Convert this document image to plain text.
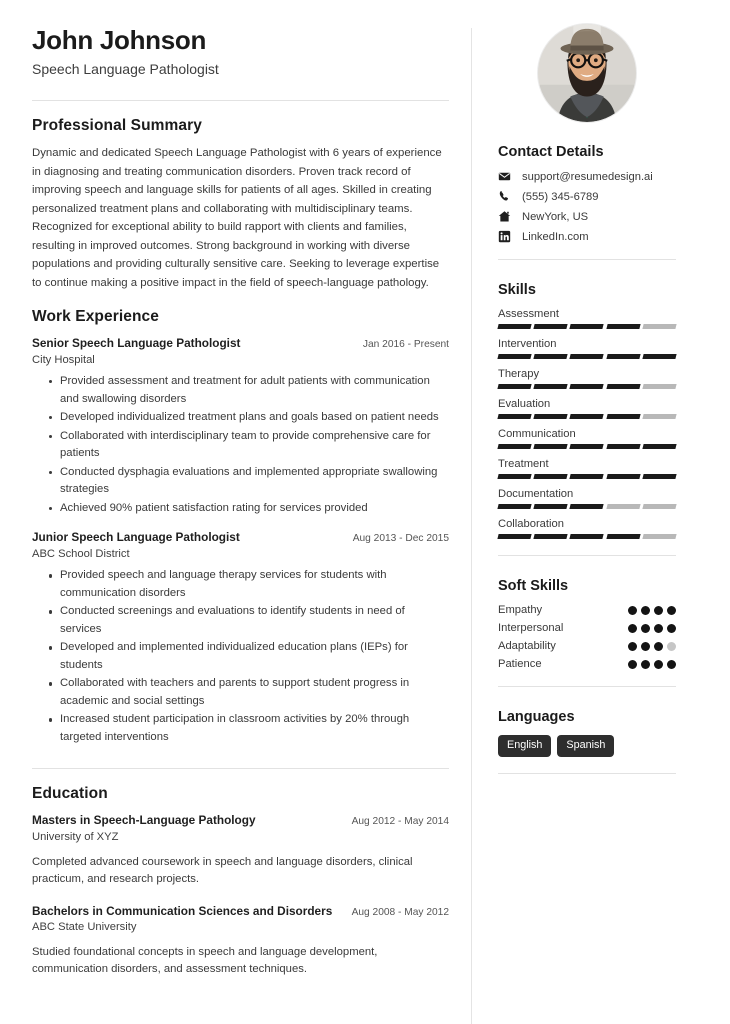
John Johnson
Speech Language Pathologist
Professional Summary
Dynamic and dedicated Speech Language Pathologist with 6 years of experience in diagnosing and treating communication disorders. Proven track record of improving speech and language skills for patients of all ages. Skilled in creating personalized treatment plans and collaborating with multidisciplinary teams. Recognized for exceptional ability to build rapport with clients and families, resulting in improved outcomes. Strong background in working with diverse populations and providing culturally sensitive care. Seeking to leverage expertise to continue making a positive impact in the field of speech-language pathology.
Work Experience
Senior Speech Language Pathologist	Jan 2016 - Present
City Hospital
Provided assessment and treatment for adult patients with communication and swallowing disorders
Developed individualized treatment plans and goals based on patient needs
Collaborated with interdisciplinary team to provide comprehensive care for patients
Conducted dysphagia evaluations and implemented appropriate swallowing strategies
Achieved 90% patient satisfaction rating for services provided
Junior Speech Language Pathologist	Aug 2013 - Dec 2015
ABC School District
Provided speech and language therapy services for students with communication disorders
Conducted screenings and evaluations to identify students in need of services
Developed and implemented individualized education plans (IEPs) for students
Collaborated with teachers and parents to support student progress in academic and social settings
Increased student participation in classroom activities by 20% through targeted interventions
Education
Masters in Speech-Language Pathology	Aug 2012 - May 2014
University of XYZ
Completed advanced coursework in speech and language disorders, clinical practicum, and research projects.
Bachelors in Communication Sciences and Disorders Aug 2008 - May 2012
ABC State University
Studied foundational concepts in speech and language development, communication disorders, and assessment techniques.
Contact Details
support@resumedesign.ai
(555) 345-6789
NewYork, US
LinkedIn.com
Skills
Assessment
Intervention
Therapy
Evaluation
Communication
Treatment
Documentation
Collaboration
Soft Skills
Empathy
Interpersonal
Adaptability
Patience
Languages
English	Spanish
